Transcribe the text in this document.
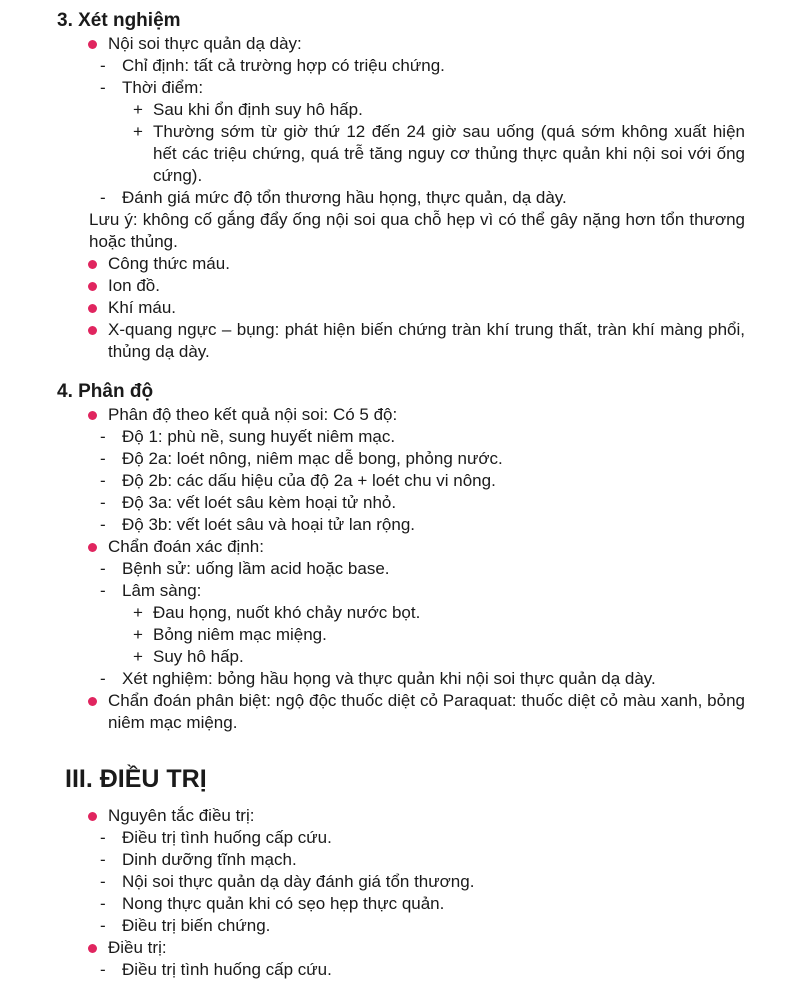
3. Xét nghiệm

Nội soi thực quản dạ dày:

- Chỉ định: tất cả trường hợp có triệu chứng.

- Thời điểm:

+ Sau khi ổn định suy hô hấp.

+ Thường sớm từ giờ thứ 12 đến 24 giờ sau uống (quá sớm không xuất hiện hết các triệu chứng, quá trễ tăng nguy cơ thủng thực quản khi nội soi với ống cứng).

- Đánh giá mức độ tổn thương hầu họng, thực quản, dạ dày.

Lưu ý: không cố gắng đẩy ống nội soi qua chỗ hẹp vì có thể gây nặng hơn tổn thương hoặc thủng.

Công thức máu.

Ion đồ.

Khí máu.

X-quang ngực – bụng: phát hiện biến chứng tràn khí trung thất, tràn khí màng phổi, thủng dạ dày.

4. Phân độ

Phân độ theo kết quả nội soi: Có 5 độ:

- Độ 1: phù nề, sung huyết niêm mạc.

- Độ 2a: loét nông, niêm mạc dễ bong, phỏng nước.

- Độ 2b: các dấu hiệu của độ 2a + loét chu vi nông.

- Độ 3a: vết loét sâu kèm hoại tử nhỏ.

- Độ 3b: vết loét sâu và hoại tử lan rộng.

Chẩn đoán xác định:

- Bệnh sử: uống lầm acid hoặc base.

- Lâm sàng:

+ Đau họng, nuốt khó chảy nước bọt.

+ Bỏng niêm mạc miệng.

+ Suy hô hấp.

- Xét nghiệm: bỏng hầu họng và thực quản khi nội soi thực quản dạ dày.

Chẩn đoán phân biệt: ngộ độc thuốc diệt cỏ Paraquat: thuốc diệt cỏ màu xanh, bỏng niêm mạc miệng.

III. ĐIỀU TRỊ

Nguyên tắc điều trị:

- Điều trị tình huống cấp cứu.

- Dinh dưỡng tĩnh mạch.

- Nội soi thực quản dạ dày đánh giá tổn thương.

- Nong thực quản khi có sẹo hẹp thực quản.

- Điều trị biến chứng.

Điều trị:

- Điều trị tình huống cấp cứu.
